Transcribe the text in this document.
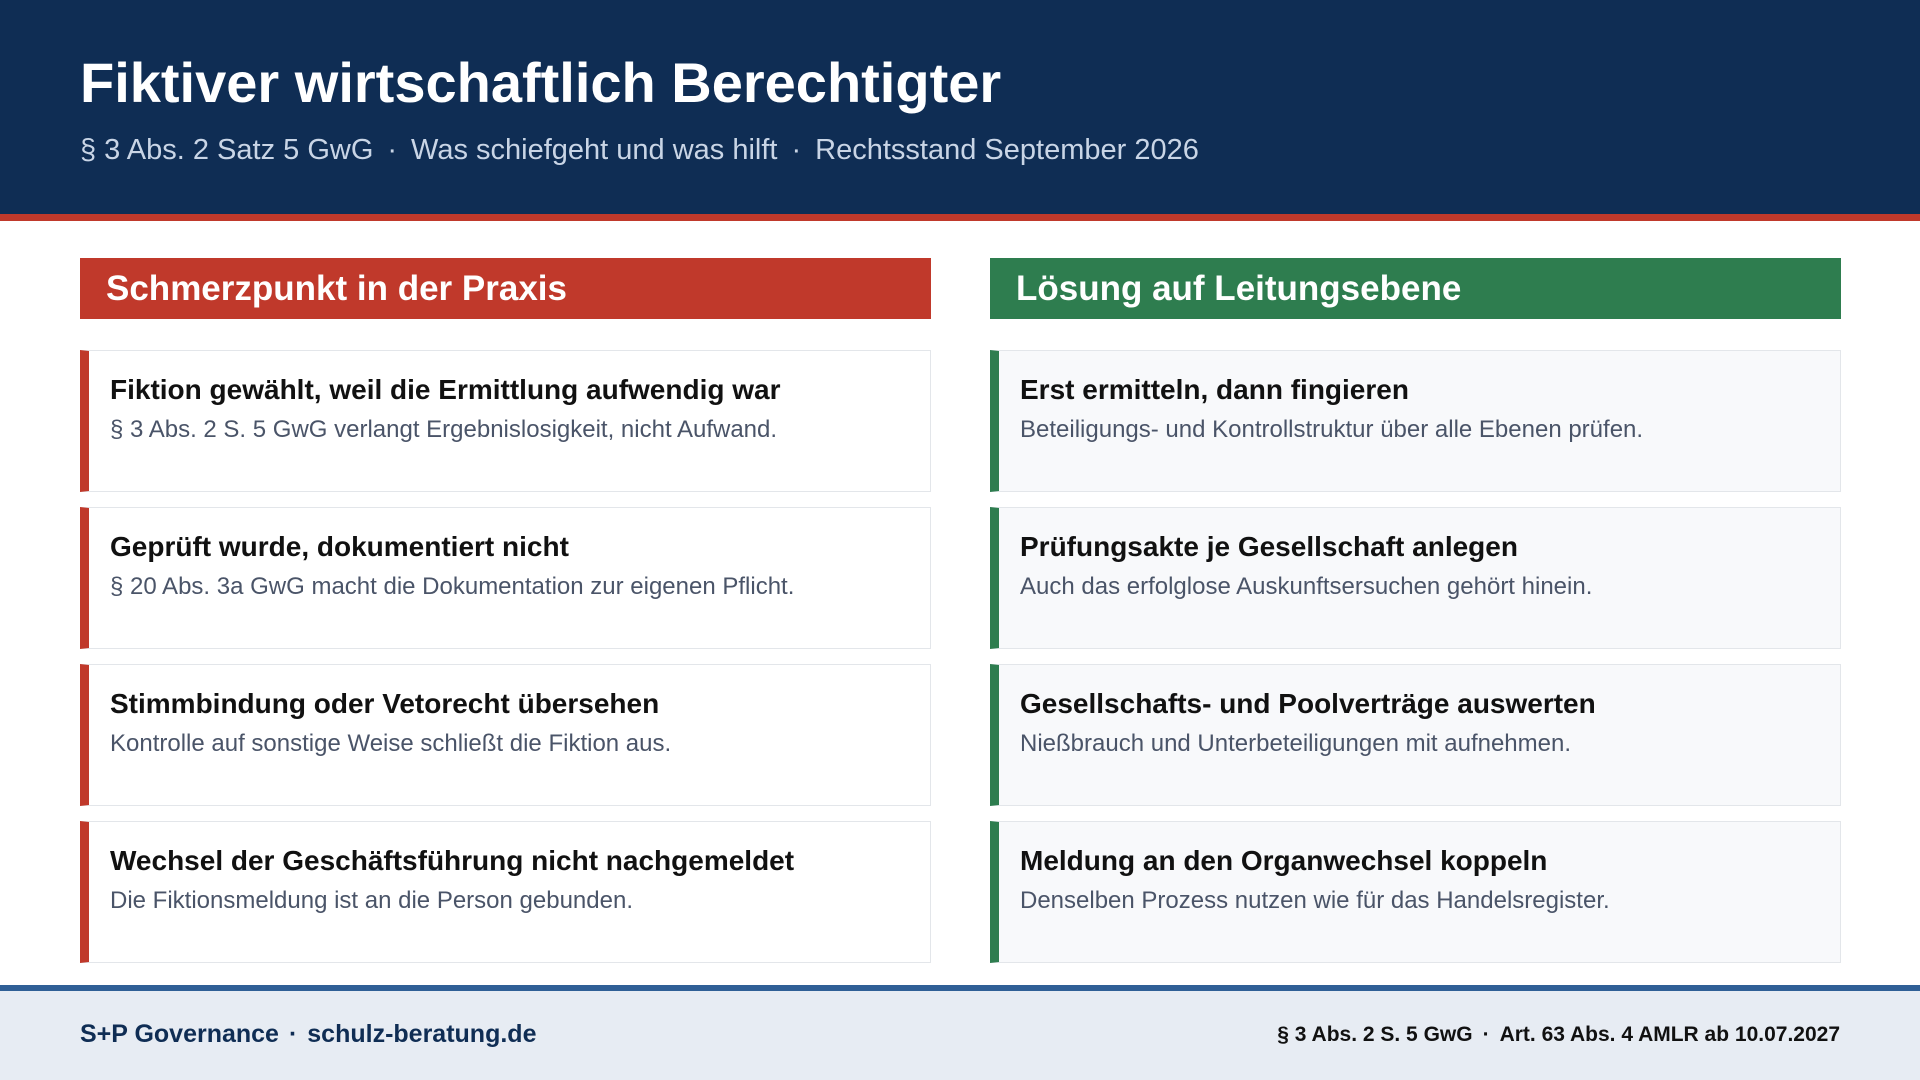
Fiktiver wirtschaftlich Berechtigter
§ 3 Abs. 2 Satz 5 GwG · Was schiefgeht und was hilft · Rechtsstand September 2026
Schmerzpunkt in der Praxis
Fiktion gewählt, weil die Ermittlung aufwendig war
§ 3 Abs. 2 S. 5 GwG verlangt Ergebnislosigkeit, nicht Aufwand.
Geprüft wurde, dokumentiert nicht
§ 20 Abs. 3a GwG macht die Dokumentation zur eigenen Pflicht.
Stimmbindung oder Vetorecht übersehen
Kontrolle auf sonstige Weise schließt die Fiktion aus.
Wechsel der Geschäftsführung nicht nachgemeldet
Die Fiktionsmeldung ist an die Person gebunden.
Lösung auf Leitungsebene
Erst ermitteln, dann fingieren
Beteiligungs- und Kontrollstruktur über alle Ebenen prüfen.
Prüfungsakte je Gesellschaft anlegen
Auch das erfolglose Auskunftsersuchen gehört hinein.
Gesellschafts- und Poolverträge auswerten
Nießbrauch und Unterbeteiligungen mit aufnehmen.
Meldung an den Organwechsel koppeln
Denselben Prozess nutzen wie für das Handelsregister.
S+P Governance · schulz-beratung.de	§ 3 Abs. 2 S. 5 GwG · Art. 63 Abs. 4 AMLR ab 10.07.2027
